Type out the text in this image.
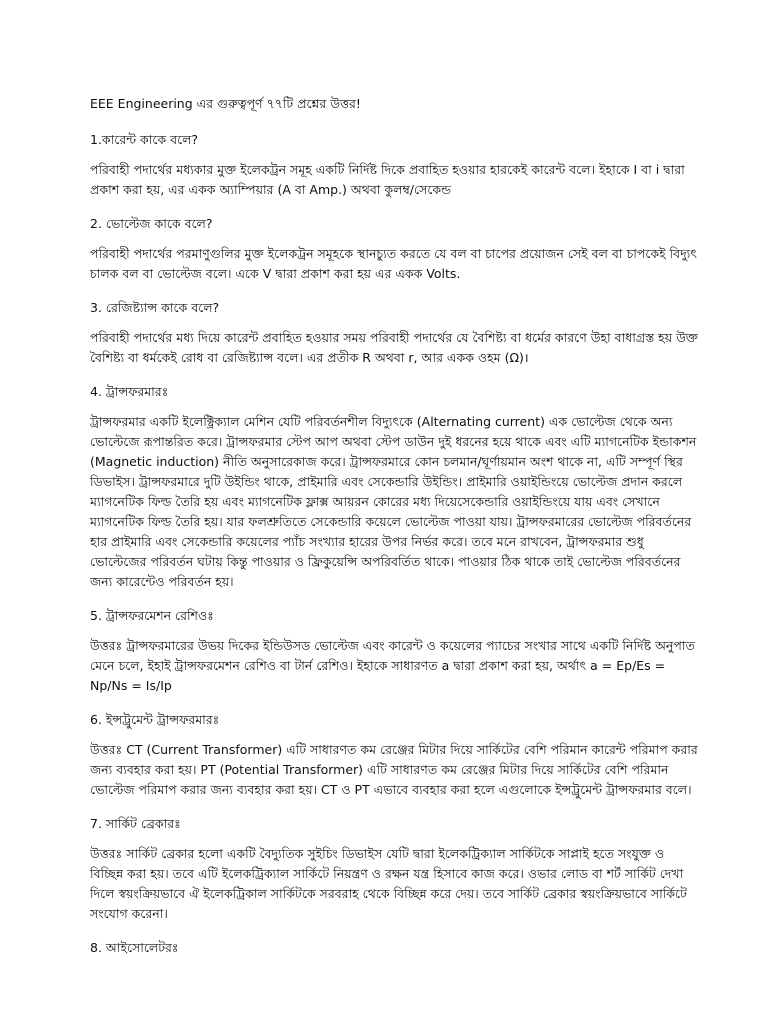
EEE Engineering এর গুরুত্বপূর্ণ ৭৭টি প্রশ্নের উত্তর!
1.কারেন্ট কাকে বলে?
পরিবাহী পদার্থের মধ্যকার মুক্ত ইলেকট্রন সমূহ একটি নির্দিষ্ট দিকে প্রবাহিত হওয়ার হারকেই কারেন্ট বলে। ইহাকে I বা i দ্বারা প্রকাশ করা হয়, এর একক অ্যাম্পিয়ার (A বা Amp.) অথবা কুলম্ব/সেকেন্ড
2. ভোল্টেজ কাকে বলে?
পরিবাহী পদার্থের পরমাণুগুলির মুক্ত ইলেকট্রন সমূহকে স্থানচ্যুত করতে যে বল বা চাপের প্রয়োজন সেই বল বা চাপকেই বিদ্যুৎ চালক বল বা ভোল্টেজ বলে। একে V দ্বারা প্রকাশ করা হয় এর একক Volts.
3. রেজিষ্ট্যান্স কাকে বলে?
পরিবাহী পদার্থের মধ্য দিয়ে কারেন্ট প্রবাহিত হওয়ার সময় পরিবাহী পদার্থের যে বৈশিষ্ট্য বা ধর্মের কারণে উহা বাধাগ্রস্ত হয় উক্ত বৈশিষ্ট্য বা ধর্মকেই রোধ বা রেজিষ্ট্যান্স বলে। এর প্রতীক R অথবা r, আর একক ওহম (Ω)।
4. ট্রান্সফরমারঃ
ট্রান্সফরমার একটি ইলেক্ট্রিক্যাল মেশিন যেটি পরিবর্তনশীল বিদ্যুৎকে (Alternating current) এক ভোল্টেজ থেকে অন্য ভোল্টেজে রূপান্তরিত করে। ট্রান্সফরমার স্টেপ আপ অথবা স্টেপ ডাউন দুই ধরনের হয়ে থাকে এবং এটি ম্যাগনেটিক ইন্ডাকশন (Magnetic induction) নীতি অনুসারেকাজ করে। ট্রান্সফরমারে কোন চলমান/ঘূর্ণায়মান অংশ থাকে না, এটি সম্পূর্ণ স্থির ডিভাইস। ট্রান্সফরমারে দুটি উইন্ডিং থাকে, প্রাইমারি এবং সেকেন্ডারি উইন্ডিং। প্রাইমারি ওয়াইন্ডিংয়ে ভোল্টেজ প্রদান করলে ম্যাগনেটিক ফিল্ড তৈরি হয় এবং ম্যাগনেটিক ফ্লাক্স আয়রন কোরের মধ্য দিয়েসেকেন্ডারি ওয়াইন্ডিংয়ে যায় এবং সেখানে ম্যাগনেটিক ফিল্ড তৈরি হয়। যার ফলশ্রুতিতে সেকেন্ডারি কয়েলে ভোল্টেজ পাওয়া যায়। ট্রান্সফরমারের ভোল্টেজ পরিবর্তনের হার প্রাইমারি এবং সেকেন্ডারি কয়েলের প্যাঁচ সংখ্যার হারের উপর নির্ভর করে। তবে মনে রাখবেন, ট্রান্সফরমার শুধু ভোল্টেজের পরিবর্তন ঘটায় কিন্তু পাওয়ার ও ফ্রিকুয়েন্সি অপরিবর্তিত থাকে। পাওয়ার ঠিক থাকে তাই ভোল্টেজ পরিবর্তনের জন্য কারেন্টেও পরিবর্তন হয়।
5. ট্রান্সফরমেশন রেশিওঃ
উত্তরঃ ট্রান্সফরমারের উভয় দিকের ইন্ডিউসড ভোল্টেজ এবং কারেন্ট ও কয়েলের প্যাচের সংখার সাথে একটি নির্দিষ্ট অনুপাত মেনে চলে, ইহাই ট্রান্সফরমেশন রেশিও বা টার্ন রেশিও। ইহাকে সাধারণত a দ্বারা প্রকাশ করা হয়, অর্থাৎ a = Ep/Es = Np/Ns = Is/Ip
6. ইন্সট্রুমেন্ট ট্রান্সফরমারঃ
উত্তরঃ CT (Current Transformer) এটি সাধারণত কম রেঞ্জের মিটার দিয়ে সার্কিটের বেশি পরিমান কারেন্ট পরিমাপ করার জন্য ব্যবহার করা হয়। PT (Potential Transformer) এটি সাধারণত কম রেঞ্জের মিটার দিয়ে সার্কিটের বেশি পরিমান ভোল্টেজ পরিমাপ করার জন্য ব্যবহার করা হয়। CT ও PT এভাবে ব্যবহার করা হলে এগুলোকে ইন্সট্রুমেন্ট ট্রান্সফরমার বলে।
7. সার্কিট ব্রেকারঃ
উত্তরঃ সার্কিট ব্রেকার হলো একটি বৈদ্যুতিক সুইচিং ডিভাইস যেটি দ্বারা ইলেকট্রিক্যাল সার্কিটকে সাপ্লাই হতে সংযুক্ত ও বিচ্ছিন্ন করা হয়। তবে এটি ইলেকট্রিক্যাল সার্কিটে নিয়ন্ত্রণ ও রক্ষন যন্ত্র হিসাবে কাজ করে। ওভার লোড বা শর্ট সার্কিট দেখা দিলে স্বয়ংক্রিয়ভাবে ঐ ইলেকট্রিকাল সার্কিটকে সরবরাহ থেকে বিচ্ছিন্ন করে দেয়। তবে সার্কিট ব্রেকার স্বয়ংক্রিয়ভাবে সার্কিটে সংযোগ করেনা।
8. আইসোলেটরঃ
